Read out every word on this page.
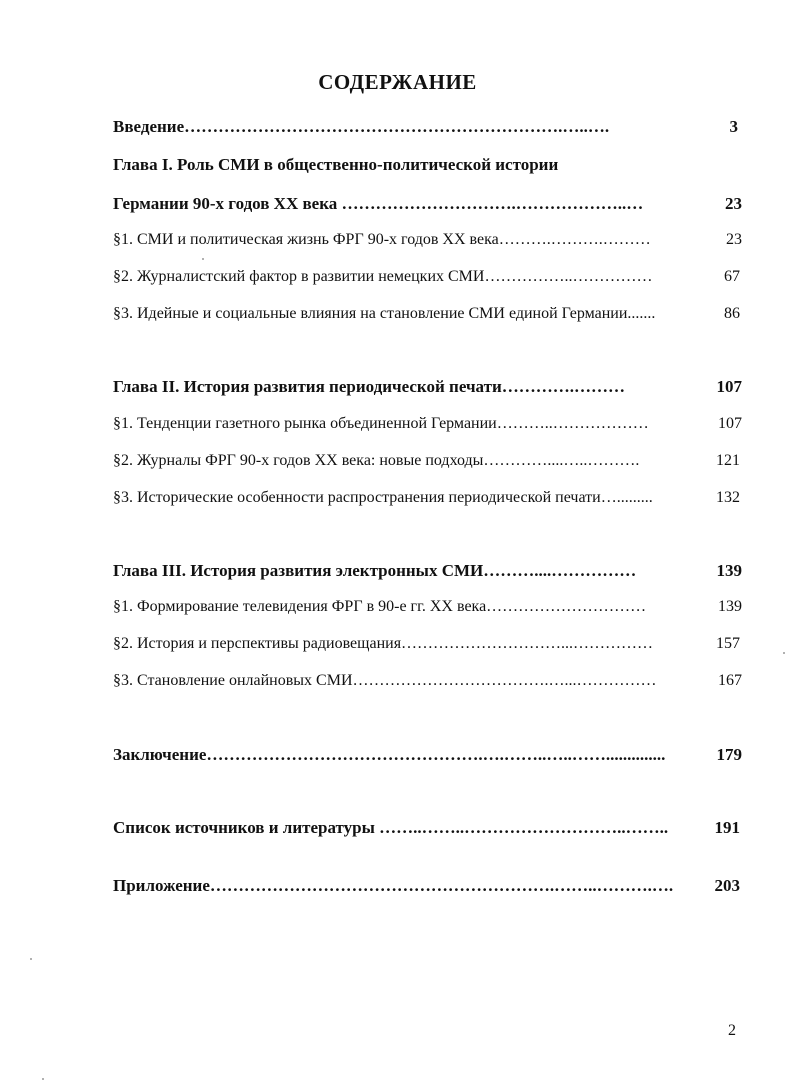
СОДЕРЖАНИЕ
Введение………………………………………………………….…..….	3
Глава I. Роль СМИ в общественно-политической истории
Германии 90-х годов XX века ………………………….………………..…	23
§1. СМИ и политическая жизнь ФРГ 90-х годов XX века……….……….………	23
§2. Журналистский фактор в развитии немецких СМИ……………..……………	67
§3. Идейные и социальные влияния на становление СМИ единой Германии.......	86
Глава II. История развития периодической печати………….………	107
§1. Тенденции газетного рынка объединенной Германии………..………………	107
§2. Журналы ФРГ 90-х годов XX века: новые подходы…………....…..……….	121
§3. Исторические особенности распространения периодической печати….........	132
Глава III. История развития электронных СМИ………....……………	139
§1. Формирование телевидения ФРГ в 90-е гг. XX века…………………………	139
§2. История и перспективы радиовещания…………………………...……………	157
§3. Становление онлайновых СМИ……………………………….…...……………	167
Заключение………………………………………….….……..…..……..............	179
Список источников и литературы ……..……..………………………..……..	191
Приложение…………………………………………………….……..……….….	203
2
